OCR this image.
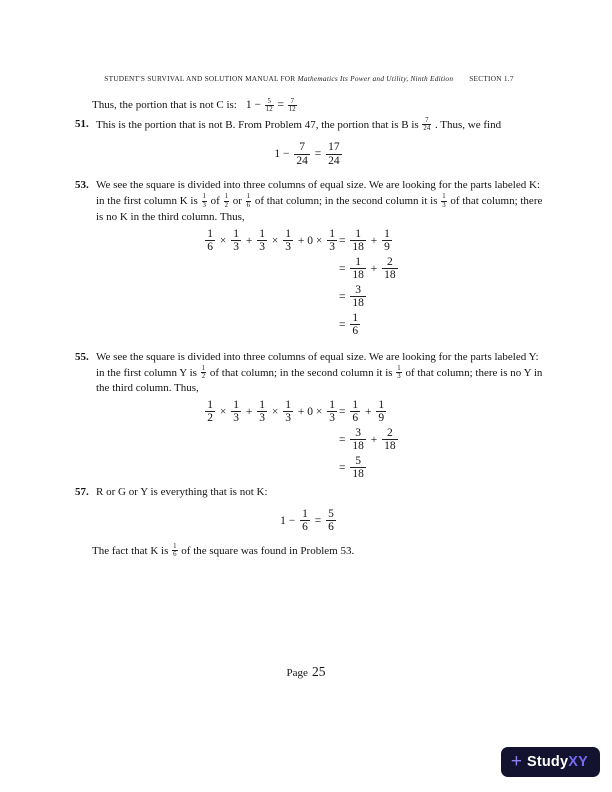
STUDENT'S SURVIVAL AND SOLUTION MANUAL FOR Mathematics Its Power and Utility, Ninth Edition SECTION 1.7
Thus, the portion that is not C is: $1 - \frac{5}{12} = \frac{7}{12}$
51. This is the portion that is not B. From Problem 47, the portion that is B is $\frac{7}{24}$ . Thus, we find
$1 - \frac{7}{24} = \frac{17}{24}$
53. We see the square is divided into three columns of equal size. We are looking for the parts labeled K: in the first column K is $\frac{1}{3}$ of $\frac{1}{2}$ or $\frac{1}{6}$ of that column; in the second column it is $\frac{1}{3}$ of that column; there is no K in the third column. Thus,
$\frac{1}{6} \times \frac{1}{3} + \frac{1}{3} \times \frac{1}{3} + 0 \times \frac{1}{3} = \frac{1}{18} + \frac{1}{9}$
= $\frac{1}{18} + \frac{2}{18}$
= $\frac{3}{18}$
= $\frac{1}{6}$
55. We see the square is divided into three columns of equal size. We are looking for the parts labeled Y: in the first column Y is $\frac{1}{2}$ of that column; in the second column it is $\frac{1}{3}$ of that column; there is no Y in the third column. Thus,
$\frac{1}{2} \times \frac{1}{3} + \frac{1}{3} \times \frac{1}{3} + 0 \times \frac{1}{3} = \frac{1}{6} + \frac{1}{9}$
= $\frac{3}{18} + \frac{2}{18}$
= $\frac{5}{18}$
57. R or G or Y is everything that is not K:
$1 - \frac{1}{6} = \frac{5}{6}$
The fact that K is $\frac{1}{6}$ of the square was found in Problem 53.
Page 25
+ Study XY
